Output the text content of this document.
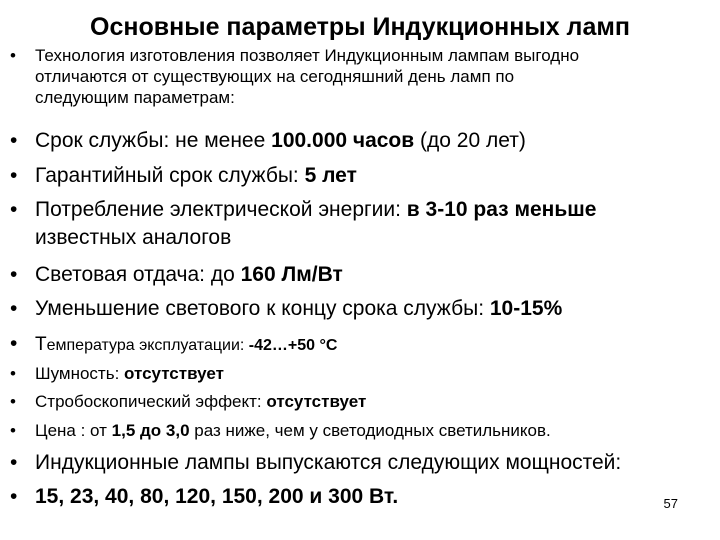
Основные параметры Индукционных ламп
• Технология изготовления позволяет Индукционным лампам выгодно
отличаются от существующих на сегодняшний день ламп по
следующим параметрам:
• Срок службы: не менее 100.000 часов (до 20 лет)
• Гарантийный срок службы: 5 лет
• Потребление электрической энергии: в 3-10 раз меньше
известных аналогов
• Световая отдача: до 160 Лм/Вт
• Уменьшение светового к концу срока службы: 10-15%
• Температура эксплуатации: -42…+50 °С
• Шумность: отсутствует
• Стробоскопический эффект: отсутствует
• Цена : от 1,5 до 3,0 раз ниже, чем у светодиодных светильников.
• Индукционные лампы выпускаются следующих мощностей:
• 15, 23, 40, 80, 120, 150, 200 и 300 Вт.	57
